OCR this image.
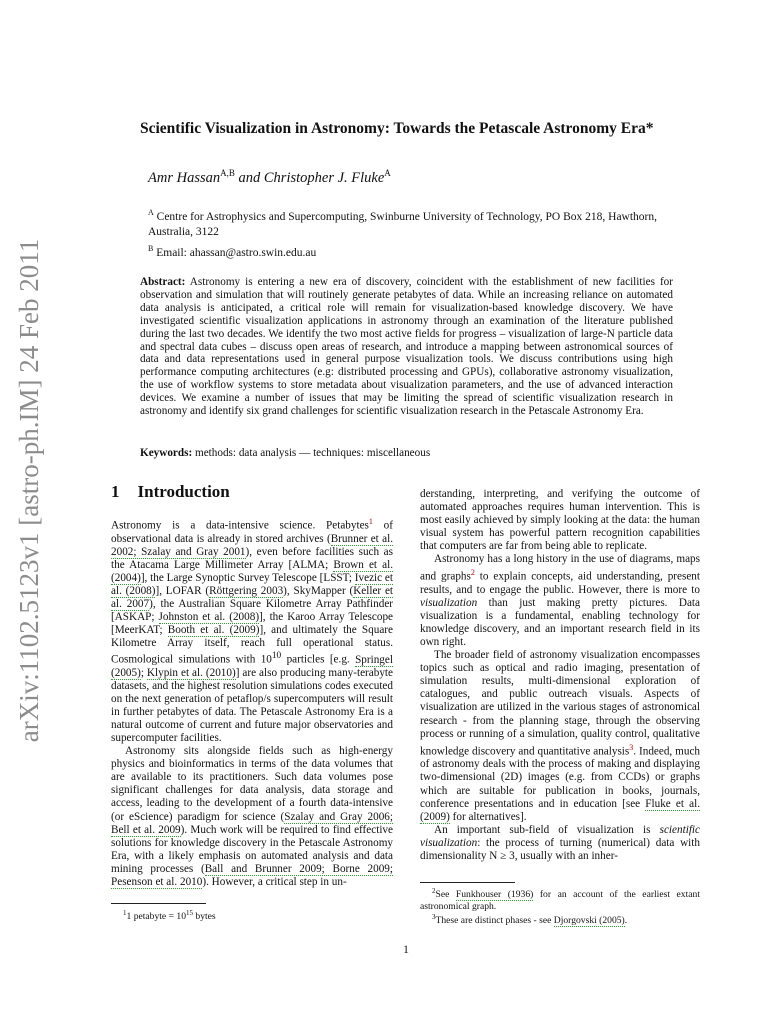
arXiv:1102.5123v1 [astro-ph.IM] 24 Feb 2011
Scientific Visualization in Astronomy: Towards the Petascale Astronomy Era*
Amr Hassan$^{A,B}$ and Christopher J. Fluke$^A$
$^A$ Centre for Astrophysics and Supercomputing, Swinburne University of Technology, PO Box 218, Hawthorn, Australia, 3122
$^B$ Email: ahassan@astro.swin.edu.au
Abstract: Astronomy is entering a new era of discovery, coincident with the establishment of new facilities for observation and simulation that will routinely generate petabytes of data. While an increasing reliance on automated data analysis is anticipated, a critical role will remain for visualization-based knowledge discovery. We have investigated scientific visualization applications in astronomy through an examination of the literature published during the last two decades. We identify the two most active fields for progress – visualization of large-N particle data and spectral data cubes – discuss open areas of research, and introduce a mapping between astronomical sources of data and data representations used in general purpose visualization tools. We discuss contributions using high performance computing architectures (e.g: distributed processing and GPUs), collaborative astronomy visualization, the use of workflow systems to store metadata about visualization parameters, and the use of advanced interaction devices. We examine a number of issues that may be limiting the spread of scientific visualization research in astronomy and identify six grand challenges for scientific visualization research in the Petascale Astronomy Era.
Keywords: methods: data analysis — techniques: miscellaneous
1 Introduction

Astronomy is a data-intensive science. Petabytes$^1$ of observational data is already in stored archives (Brunner et al. 2002; Szalay and Gray 2001), even before facilities such as the Atacama Large Millimeter Array [ALMA; Brown et al. (2004)], the Large Synoptic Survey Telescope [LSST; Ivezic et al. (2008)], LOFAR (Röttgering 2003), SkyMapper (Keller et al. 2007), the Australian Square Kilometre Array Pathfinder [ASKAP; Johnston et al. (2008)], the Karoo Array Telescope [MeerKAT; Booth et al. (2009)], and ultimately the Square Kilometre Array itself, reach full operational status. Cosmological simulations with $10^{10}$ particles [e.g. Springel (2005); Klypin et al. (2010)] are also producing many-terabyte datasets, and the highest resolution simulations codes executed on the next generation of petaflop/s supercomputers will result in further petabytes of data. The Petascale Astronomy Era is a natural outcome of current and future major observatories and supercomputer facilities.

Astronomy sits alongside fields such as high-energy physics and bioinformatics in terms of the data volumes that are available to its practitioners. Such data volumes pose significant challenges for data analysis, data storage and access, leading to the development of a fourth data-intensive (or eScience) paradigm for science (Szalay and Gray 2006; Bell et al. 2009). Much work will be required to find effective solutions for knowledge discovery in the Petascale Astronomy Era, with a likely emphasis on automated analysis and data mining processes (Ball and Brunner 2009; Borne 2009; Pesenson et al. 2010). However, a critical step in un-

derstanding, interpreting, and verifying the outcome of automated approaches requires human intervention. This is most easily achieved by simply looking at the data: the human visual system has powerful pattern recognition capabilities that computers are far from being able to replicate.

Astronomy has a long history in the use of diagrams, maps and graphs$^2$ to explain concepts, aid understanding, present results, and to engage the public. However, there is more to visualization than just making pretty pictures. Data visualization is a fundamental, enabling technology for knowledge discovery, and an important research field in its own right.

The broader field of astronomy visualization encompasses topics such as optical and radio imaging, presentation of simulation results, multi-dimensional exploration of catalogues, and public outreach visuals. Aspects of visualization are utilized in the various stages of astronomical research - from the planning stage, through the observing process or running of a simulation, quality control, qualitative knowledge discovery and quantitative analysis$^3$. Indeed, much of astronomy deals with the process of making and displaying two-dimensional (2D) images (e.g. from CCDs) or graphs which are suitable for publication in books, journals, conference presentations and in education [see Fluke et al. (2009) for alternatives].

An important sub-field of visualization is scientific visualization: the process of turning (numerical) data with dimensionality N ≥ 3, usually with an inher-

$^2$See Funkhouser (1936) for an account of the earliest extant astronomical graph.

$^3$These are distinct phases - see Djorgovski (2005).

$^1$1 petabyte = $10^{15}$ bytes

1
